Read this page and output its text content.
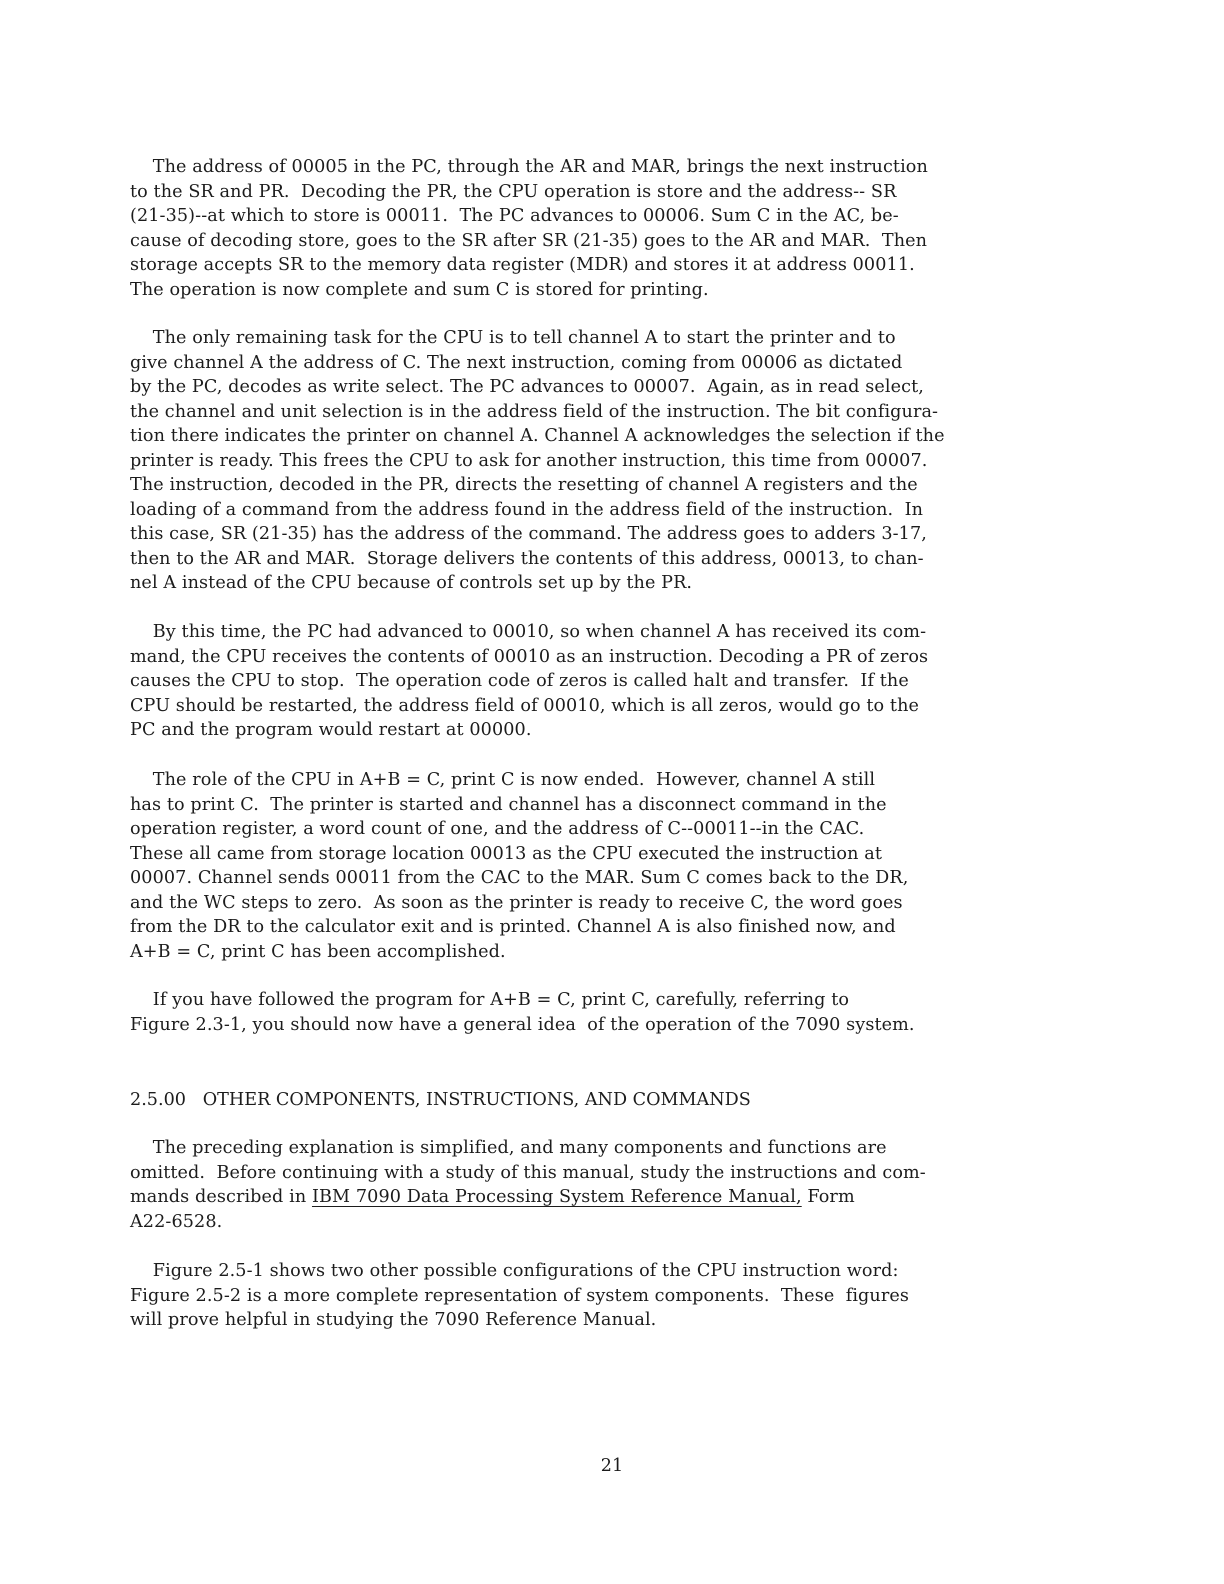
The address of 00005 in the PC, through the AR and MAR, brings the next instruction

to the SR and PR.  Decoding the PR, the CPU operation is store and the address-- SR

(21-35)--at which to store is 00011.  The PC advances to 00006. Sum C in the AC, be-

cause of decoding store, goes to the SR after SR (21-35) goes to the AR and MAR.  Then

storage accepts SR to the memory data register (MDR) and stores it at address 00011.

The operation is now complete and sum C is stored for printing.

The only remaining task for the CPU is to tell channel A to start the printer and to

give channel A the address of C. The next instruction, coming from 00006 as dictated

by the PC, decodes as write select. The PC advances to 00007.  Again, as in read select,

the channel and unit selection is in the address field of the instruction. The bit configura-

tion there indicates the printer on channel A. Channel A acknowledges the selection if the

printer is ready. This frees the CPU to ask for another instruction, this time from 00007.

The instruction, decoded in the PR, directs the resetting of channel A registers and the

loading of a command from the address found in the address field of the instruction.  In

this case, SR (21-35) has the address of the command. The address goes to adders 3-17,

then to the AR and MAR.  Storage delivers the contents of this address, 00013, to chan-

nel A instead of the CPU because of controls set up by the PR.

By this time, the PC had advanced to 00010, so when channel A has received its com-

mand, the CPU receives the contents of 00010 as an instruction. Decoding a PR of zeros

causes the CPU to stop.  The operation code of zeros is called halt and transfer.  If the

CPU should be restarted, the address field of 00010, which is all zeros, would go to the

PC and the program would restart at 00000.

The role of the CPU in A+B = C, print C is now ended.  However, channel A still

has to print C.  The printer is started and channel has a disconnect command in the

operation register, a word count of one, and the address of C--00011--in the CAC.

These all came from storage location 00013 as the CPU executed the instruction at

00007. Channel sends 00011 from the CAC to the MAR. Sum C comes back to the DR,

and the WC steps to zero.  As soon as the printer is ready to receive C, the word goes

from the DR to the calculator exit and is printed. Channel A is also finished now, and

A+B = C, print C has been accomplished.

If you have followed the program for A+B = C, print C, carefully, referring to

Figure 2.3-1, you should now have a general idea  of the operation of the 7090 system.

2.5.00   OTHER COMPONENTS, INSTRUCTIONS, AND COMMANDS

The preceding explanation is simplified, and many components and functions are

omitted.  Before continuing with a study of this manual, study the instructions and com-

mands described in IBM 7090 Data Processing System Reference Manual, Form

A22-6528.

Figure 2.5-1 shows two other possible configurations of the CPU instruction word:

Figure 2.5-2 is a more complete representation of system components.  These  figures

will prove helpful in studying the 7090 Reference Manual.

21
